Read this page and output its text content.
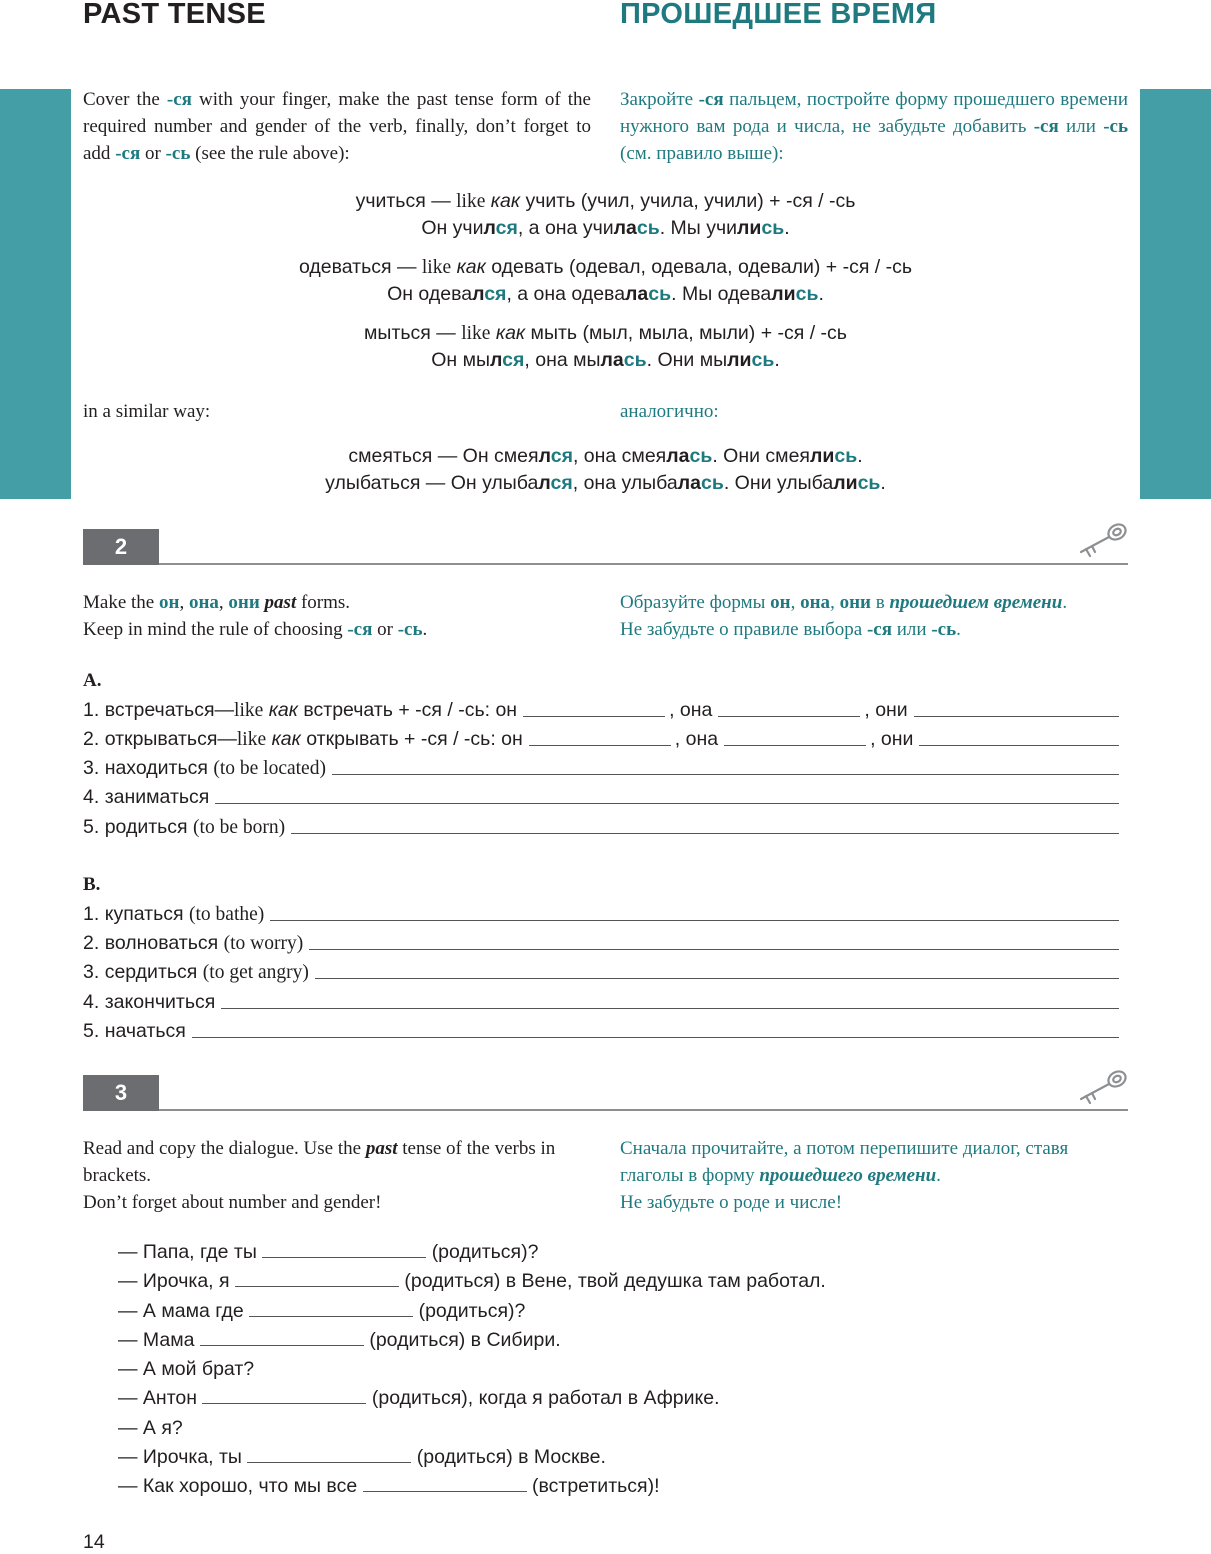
PAST TENSE	ПРОШЕДШЕЕ ВРЕМЯ
Cover the -ся with your finger, make the past tense form of the required number and gender of the verb, finally, don’t forget to add -ся or -сь (see the rule above):
Закройте -ся пальцем, постройте форму прошедшего времени нужного вам рода и числа, не забудьте добавить -ся или -сь (см. правило выше):
учиться — like как учить (учил, учила, учили) + -ся / -сь
Он учился, а она училась. Мы учились.
одеваться — like как одевать (одевал, одевала, одевали) + -ся / -сь
Он одевался, а она одевалась. Мы одевались.
мыться — like как мыть (мыл, мыла, мыли) + -ся / -сь
Он мылся, она мылась. Они мылись.
in a similar way:	аналогично:
смеяться — Он смеялся, она смеялась. Они смеялись.
улыбаться — Он улыбался, она улыбалась. Они улыбались.
2
Make the он, она, они past forms.
Keep in mind the rule of choosing -ся or -сь.
Образуйте формы он, она, они в прошедшем времени.
Не забудьте о правиле выбора -ся или -сь.
A.
1.
встречаться — like
как
встречать + -ся / -сь: он	, она	, они
2.
открываться — like
как
открывать + -ся / -сь: он	, она	, они
3.
находиться
(to be located)
4.
заниматься
5.
родиться
(to be born)
B.
1.
купаться
(to bathe)
2.
волноваться
(to worry)
3.
сердиться
(to get angry)
4.
закончиться
5.
начаться
3
Read and copy the dialogue. Use the past tense of the verbs in brackets.
Don’t forget about number and gender!
Сначала прочитайте, а потом перепишите диалог, ставя глаголы в форму прошедшего времени.
Не забудьте о роде и числе!
— Папа, где ты	(родиться)?
— Ирочка, я	(родиться) в Вене, твой дедушка там работал.
— А мама где	(родиться)?
— Мама	(родиться) в Сибири.
— А мой брат?
— Антон	(родиться), когда я работал в Африке.
— А я?
— Ирочка, ты	(родиться) в Москве.
— Как хорошо, что мы все	(встретиться)!
14
